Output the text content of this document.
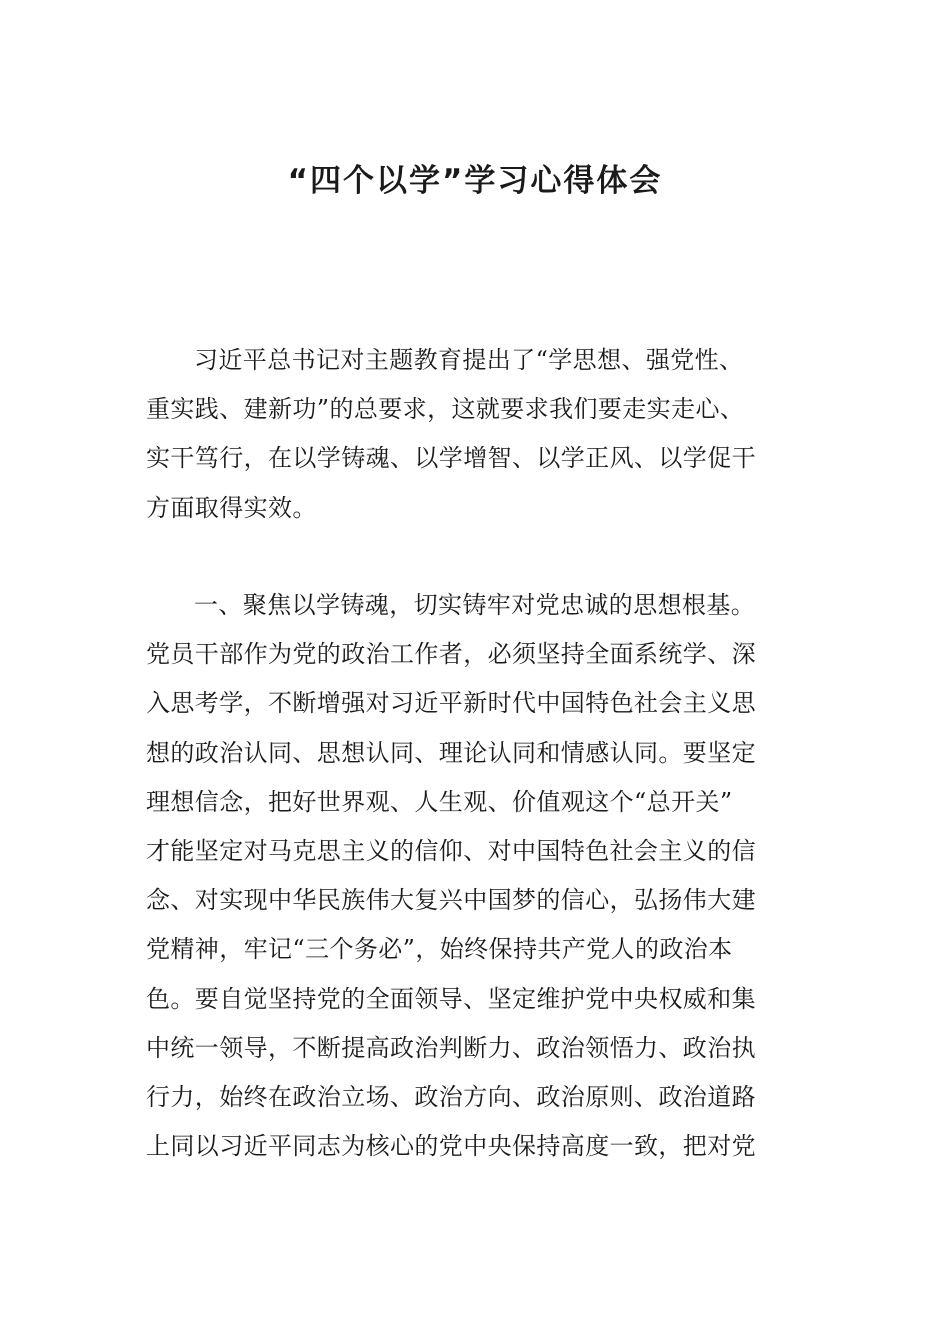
“四个以学”学习心得体会
习近平总书记对主题教育提出了“学思想、强党性、
重实践、建新功”的总要求，这就要求我们要走实走心、
实干笃行，在以学铸魂、以学增智、以学正风、以学促干
方面取得实效。
一、聚焦以学铸魂，切实铸牢对党忠诚的思想根基。
党员干部作为党的政治工作者，必须坚持全面系统学、深
入思考学，不断增强对习近平新时代中国特色社会主义思
想的政治认同、思想认同、理论认同和情感认同。要坚定
理想信念，把好世界观、人生观、价值观这个“总开关”
才能坚定对马克思主义的信仰、对中国特色社会主义的信
念、对实现中华民族伟大复兴中国梦的信心，弘扬伟大建
党精神，牢记“三个务必”，始终保持共产党人的政治本
色。要自觉坚持党的全面领导、坚定维护党中央权威和集
中统一领导，不断提高政治判断力、政治领悟力、政治执
行力，始终在政治立场、政治方向、政治原则、政治道路
上同以习近平同志为核心的党中央保持高度一致，把对党
